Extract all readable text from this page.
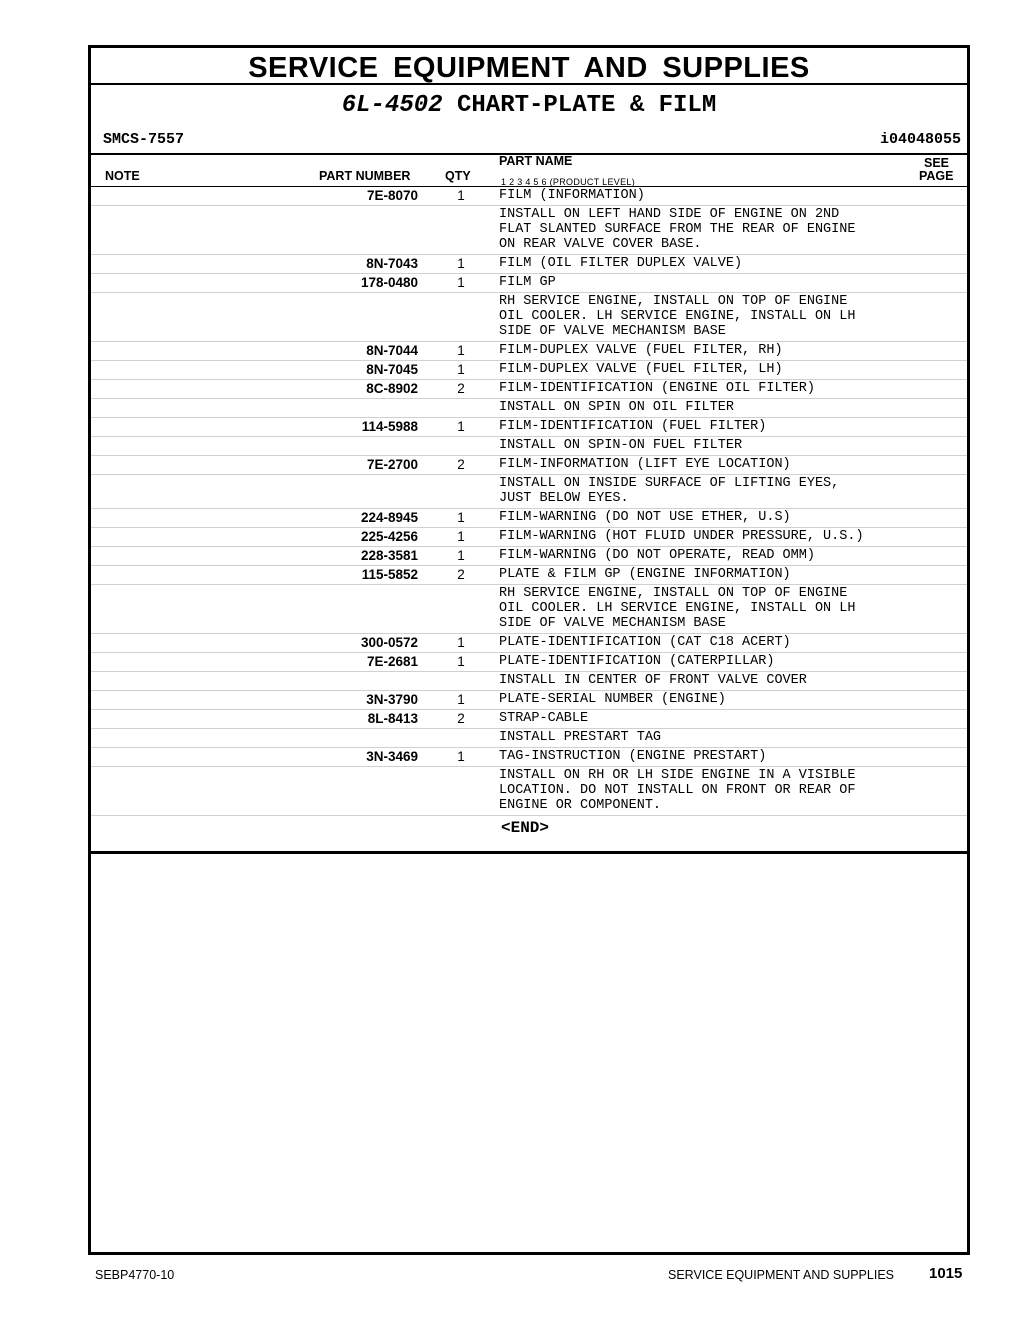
SERVICE EQUIPMENT AND SUPPLIES
6L-4502 CHART-PLATE & FILM
SMCS-7557	i04048055
NOTE	PART NUMBER	QTY
PART NAME
1 2 3 4 5 6 (PRODUCT LEVEL)
SEE
PAGE
7E-8070	1	FILM (INFORMATION)
INSTALL ON LEFT HAND SIDE OF ENGINE ON 2ND
FLAT SLANTED SURFACE FROM THE REAR OF ENGINE
ON REAR VALVE COVER BASE.
8N-7043	1	FILM (OIL FILTER DUPLEX VALVE)
178-0480	1	FILM GP
RH SERVICE ENGINE, INSTALL ON TOP OF ENGINE
OIL COOLER. LH SERVICE ENGINE, INSTALL ON LH
SIDE OF VALVE MECHANISM BASE
8N-7044	1	FILM-DUPLEX VALVE (FUEL FILTER, RH)
8N-7045	1	FILM-DUPLEX VALVE (FUEL FILTER, LH)
8C-8902	2	FILM-IDENTIFICATION (ENGINE OIL FILTER)
INSTALL ON SPIN ON OIL FILTER
114-5988	1	FILM-IDENTIFICATION (FUEL FILTER)
INSTALL ON SPIN-ON FUEL FILTER
7E-2700	2	FILM-INFORMATION (LIFT EYE LOCATION)
INSTALL ON INSIDE SURFACE OF LIFTING EYES,
JUST BELOW EYES.
224-8945	1	FILM-WARNING (DO NOT USE ETHER, U.S)
225-4256	1	FILM-WARNING (HOT FLUID UNDER PRESSURE, U.S.)
228-3581	1	FILM-WARNING (DO NOT OPERATE, READ OMM)
115-5852	2	PLATE & FILM GP (ENGINE INFORMATION)
RH SERVICE ENGINE, INSTALL ON TOP OF ENGINE
OIL COOLER. LH SERVICE ENGINE, INSTALL ON LH
SIDE OF VALVE MECHANISM BASE
300-0572	1	PLATE-IDENTIFICATION (CAT C18 ACERT)
7E-2681	1	PLATE-IDENTIFICATION (CATERPILLAR)
INSTALL IN CENTER OF FRONT VALVE COVER
3N-3790	1	PLATE-SERIAL NUMBER (ENGINE)
8L-8413	2	STRAP-CABLE
INSTALL PRESTART TAG
3N-3469	1	TAG-INSTRUCTION (ENGINE PRESTART)
INSTALL ON RH OR LH SIDE ENGINE IN A VISIBLE
LOCATION. DO NOT INSTALL ON FRONT OR REAR OF
ENGINE OR COMPONENT.
<END>
SEBP4770-10	SERVICE EQUIPMENT AND SUPPLIES 1015
